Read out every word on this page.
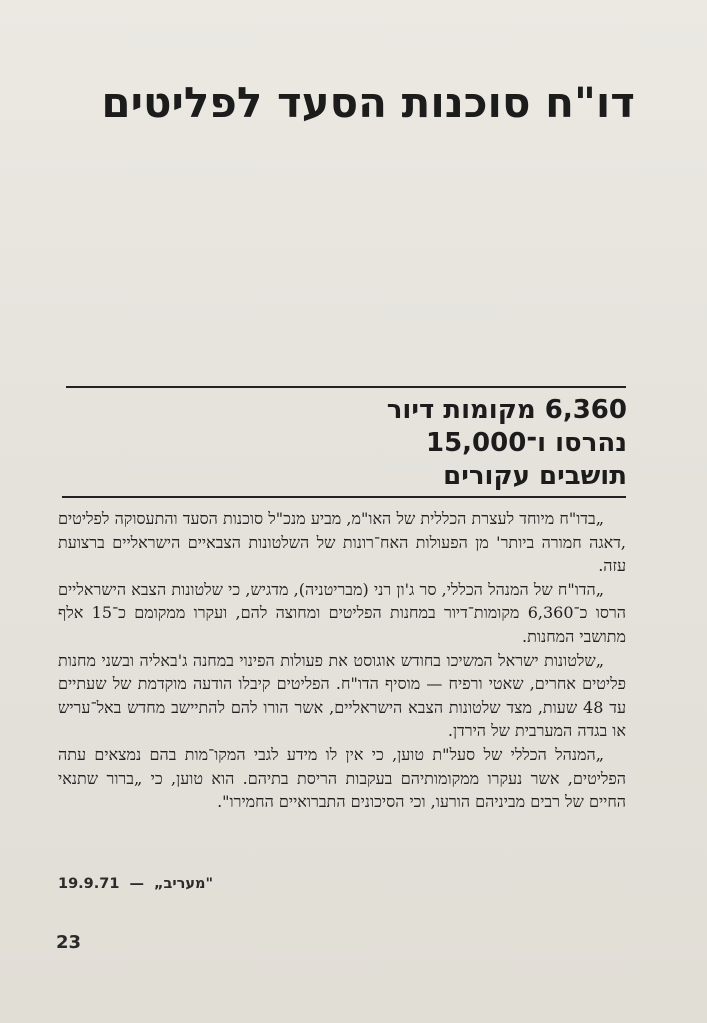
דו"ח סוכנות הסעד לפליטים
6,360 מקומות דיור
נהרסו ו־15,000
תושבים עקורים

„בדו"ח מיוחד לעצרת הכללית של האו"מ, מביע מנכ"ל סוכנות הסעד והתעסוקה לפליטים ,דאגה חמורה ביותר' מן הפעולות האח־רונות של השלטונות הצבאיים הישראליים ברצועת עזה.

„הדו"ח של המנהל הכללי, סר ג'ון רני (מבריטניה), מדגיש, כי שלטונות הצבא הישראליים הרסו כ־6,360 מקומות־דיור במחנות הפליטים ומחוצה להם, ועקרו ממקומם כ־15 אלף מתושבי המחנות.

„שלטונות ישראל המשיכו בחודש אוגוסט את פעולות הפינוי במחנה ג'באליה ובשני מחנות פליטים אחרים, שאטי ורפיח — מוסיף הדו"ח. הפליטים קיבלו הודעה מוקדמת של שעתיים עד 48 שעות, מצד שלטונות הצבא הישראליים, אשר הורו להם להתיישב מחדש באל־עריש או בגדה המערבית של הירדן.

„המנהל הכללי של סעל"ת טוען, כי אין לו מידע לגבי המקו־מות בהם נמצאים עתה הפליטים, אשר נעקרו ממקומותיהם בעקבות הריסת בתיהם. הוא טוען, כי „ברור שתנאי החיים של רבים מביניהם הורעו, וכי הסיכונים התברואיים החמירו".

19.9.71 — „מעריב"
23
